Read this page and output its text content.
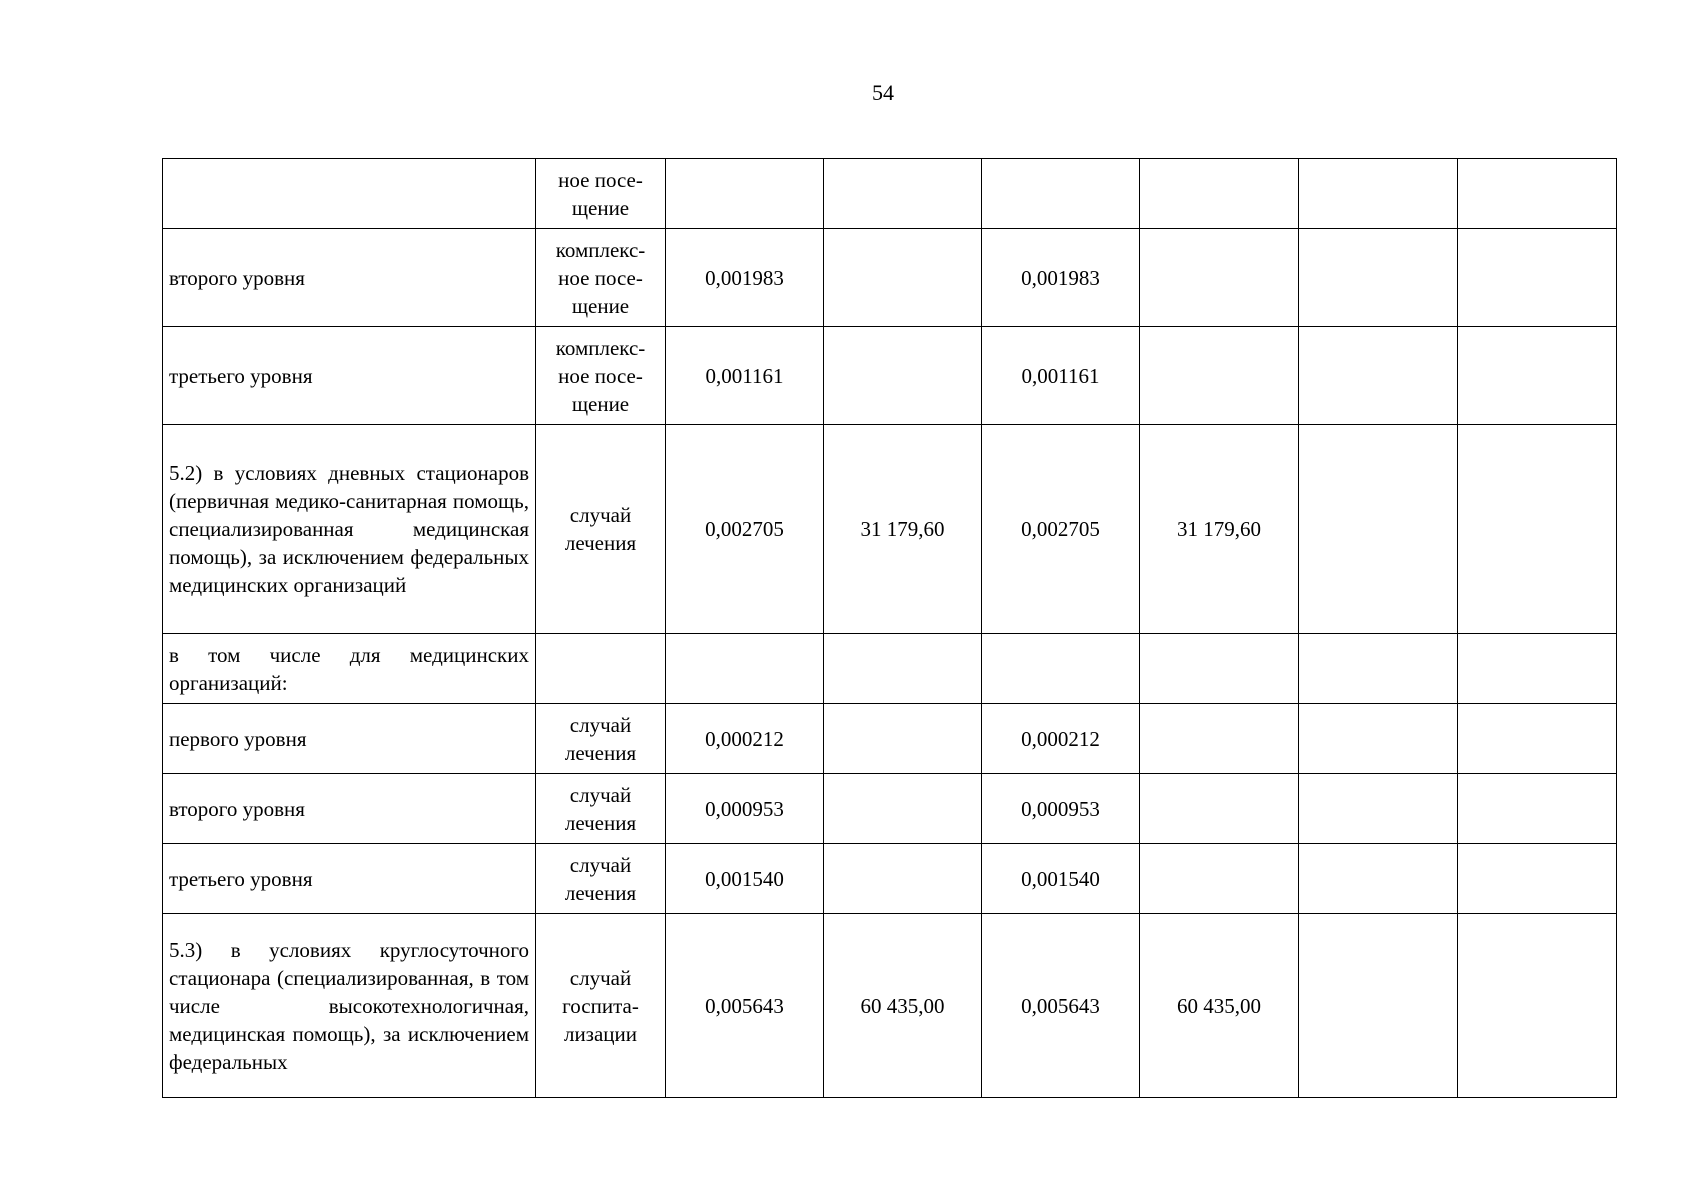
54
	ное посе-
щение						
второго уровня	комплекс-
ное посе-
щение	0,001983		0,001983			
третьего уровня	комплекс-
ное посе-
щение	0,001161		0,001161			
5.2) в условиях дневных стационаров (первичная медико-санитарная помощь, специализированная медицинская помощь), за исключением федеральных медицинских организаций	случай
лечения	0,002705	31 179,60	0,002705	31 179,60		
в том числе для медицинских организаций:							
первого уровня	случай
лечения	0,000212		0,000212			
второго уровня	случай
лечения	0,000953		0,000953			
третьего уровня	случай
лечения	0,001540		0,001540			
5.3) в условиях круглосуточного стационара (специализированная, в том числе высокотехнологичная, медицинская помощь), за исключением федеральных	случай
госпита-
лизации	0,005643	60 435,00	0,005643	60 435,00		
